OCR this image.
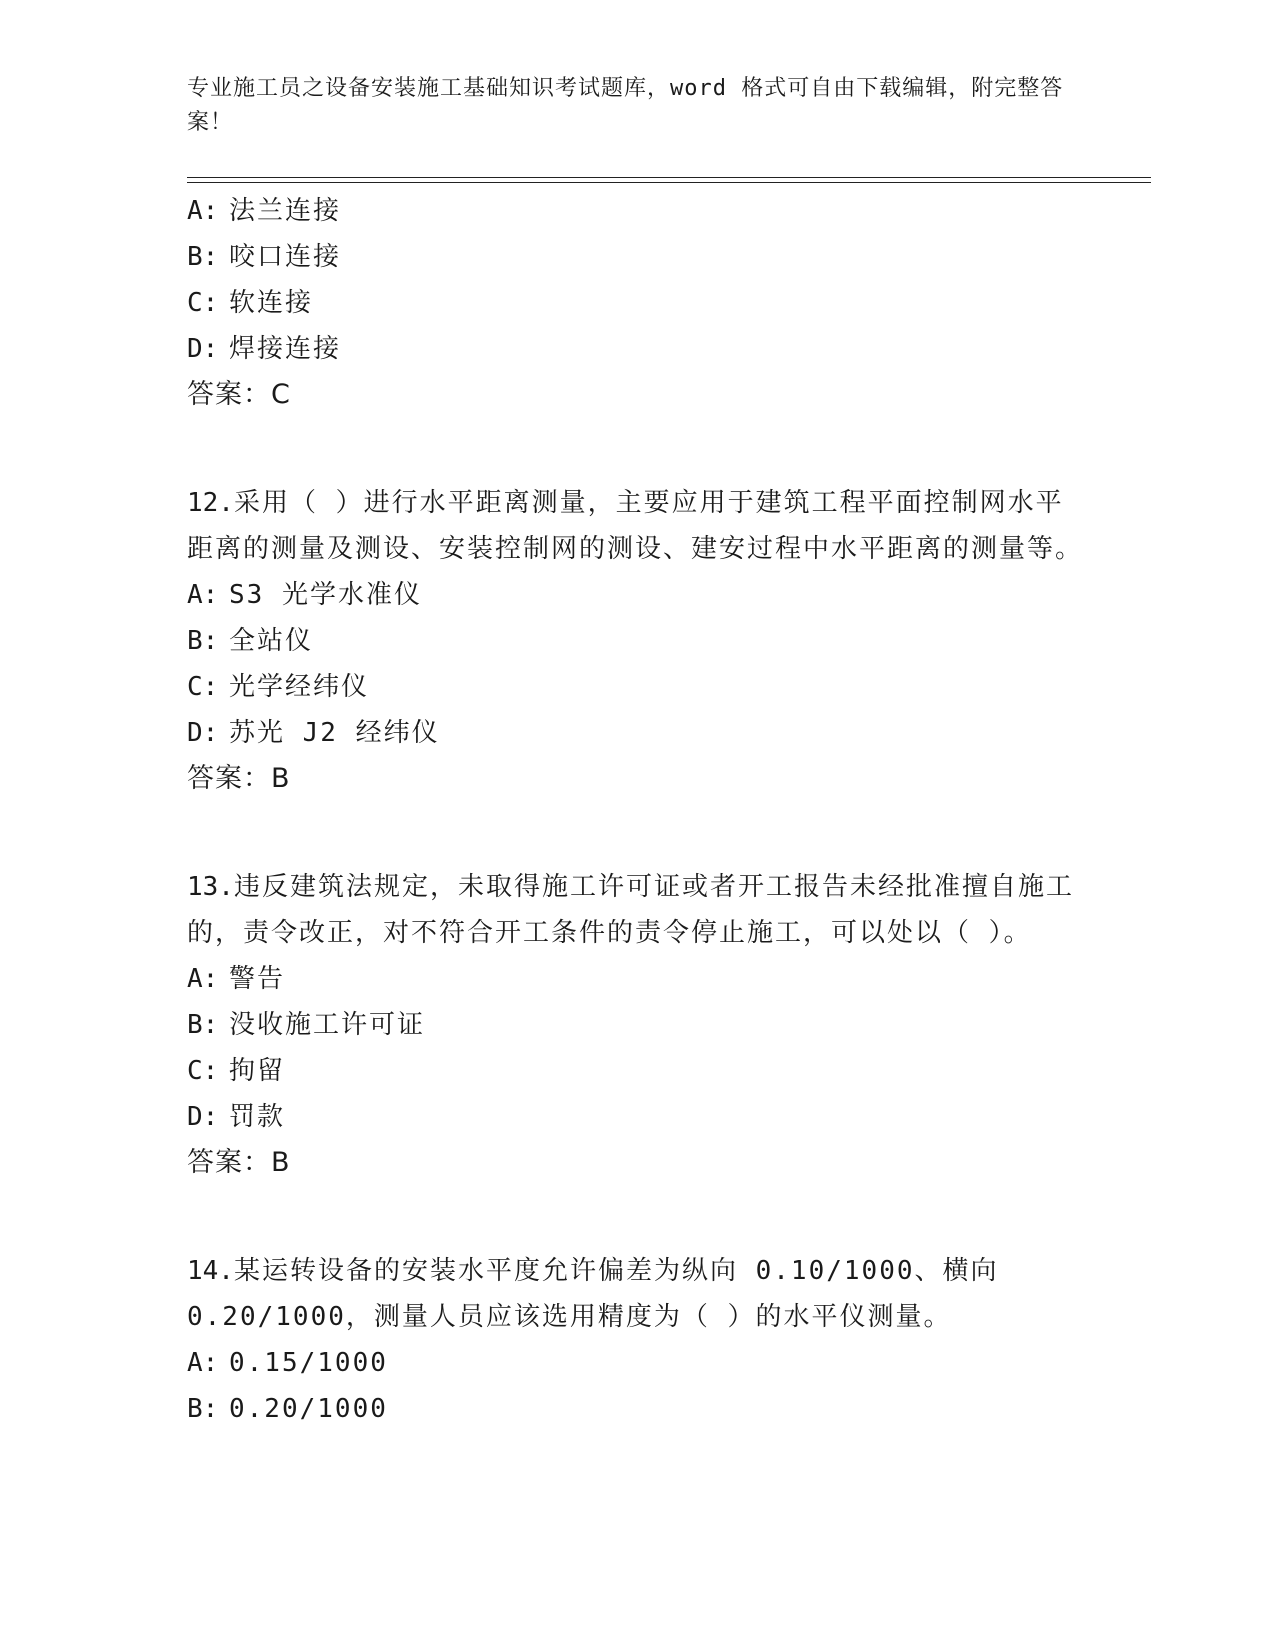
专业施工员之设备安装施工基础知识考试题库，word 格式可自由下载编辑，附完整答案！
A: 法兰连接
B: 咬口连接
C: 软连接
D: 焊接连接
答案：C
12.采用（ ）进行水平距离测量，主要应用于建筑工程平面控制网水平距离的测量及测设、安装控制网的测设、建安过程中水平距离的测量等。
A: S3 光学水准仪
B: 全站仪
C: 光学经纬仪
D: 苏光 J2 经纬仪
答案：B
13.违反建筑法规定，未取得施工许可证或者开工报告未经批准擅自施工的，责令改正，对不符合开工条件的责令停止施工，可以处以（ ）。
A: 警告
B: 没收施工许可证
C: 拘留
D: 罚款
答案：B
14.某运转设备的安装水平度允许偏差为纵向 0.10/1000、横向 0.20/1000，测量人员应该选用精度为（ ）的水平仪测量。
A: 0.15/1000
B: 0.20/1000
